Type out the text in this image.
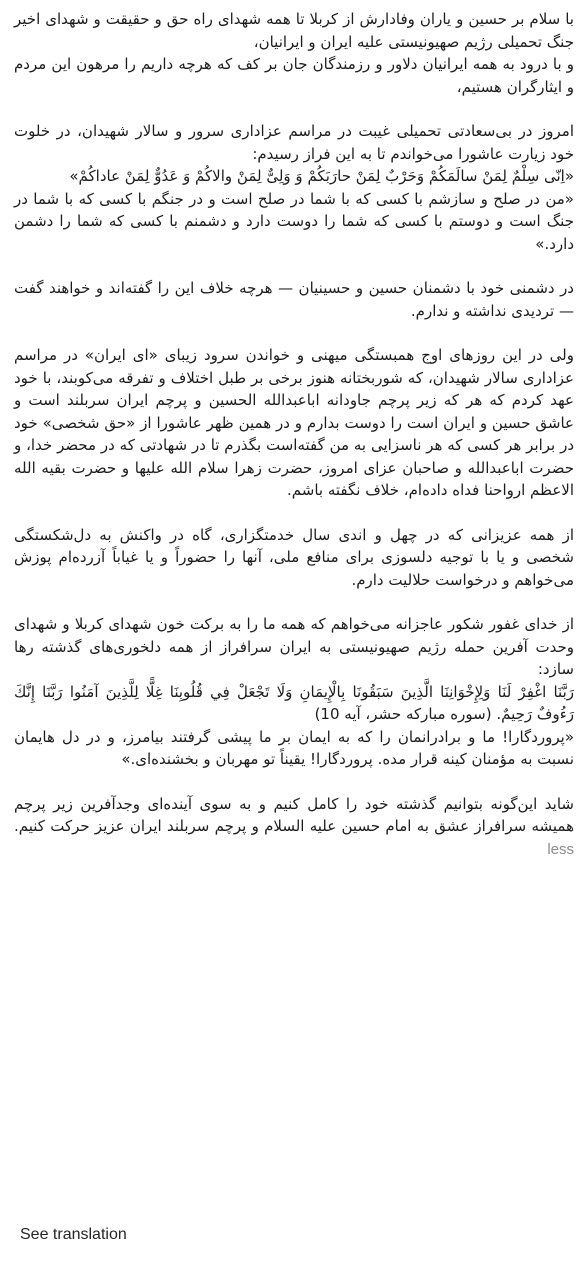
با سلام بر حسین و یاران وفادارش از کربلا تا همه شهدای راه حق و حقیقت و شهدای اخیر جنگ تحمیلی رژیم صهیونیستی علیه ایران و ایرانیان،
و با درود به همه ایرانیان دلاور و رزمندگان جان بر کف که هرچه داریم را مرهون این مردم و ایثارگران هستیم،

امروز در بی‌سعادتی تحمیلی غیبت در مراسم عزاداری سرور و سالار شهیدان، در خلوت خود زیارت عاشورا می‌خواندم تا به این فراز رسیدم:
«اِنّی سِلْمٌ لِمَنْ سالَمَکُمْ وَحَرْبٌ لِمَنْ حارَبَکُمْ وَ وَلِیٌّ لِمَنْ والاکُمْ وَ عَدُوٌّ لِمَنْ عاداکُمْ»
«من در صلح و سازشم با کسی که با شما در صلح است و در جنگم با کسی که با شما در جنگ است و دوستم با کسی که شما را دوست دارد و دشمنم با کسی که شما را دشمن دارد.»

در دشمنی خود با دشمنان حسین و حسینیان — هرچه خلاف این را گفته‌اند و خواهند گفت — تردیدی نداشته و ندارم.

ولی در این روزهای اوج همبستگی میهنی و خواندن سرود زیبای «ای ایران» در مراسم عزاداری سالار شهیدان، که شوربختانه هنوز برخی بر طبل اختلاف و تفرقه می‌کوبند، با خود عهد کردم که هر که زیر پرچم جاودانه اباعبدالله الحسین و پرچم ایران سربلند است و عاشق حسین و ایران است را دوست بدارم و در همین ظهر عاشورا از «حق شخصی» خود در برابر هر کسی که هر ناسزایی به من گفته‌است بگذرم تا در شهادتی که در محضر خدا، و حضرت اباعبدالله و صاحبان عزای امروز، حضرت زهرا سلام الله علیها و حضرت بقیه الله الاعظم ارواحنا فداه داده‌ام، خلاف نگفته باشم.

از همه عزیزانی که در چهل و اندی سال خدمتگزاری، گاه در واکنش به دل‌شکستگی شخصی و یا با توجیه دلسوزی برای منافع ملی، آنها را حضوراً و یا غیاباً آزرده‌ام پوزش می‌خواهم و درخواست حلالیت دارم.

از خدای غفور شکور عاجزانه می‌خواهم که همه ما را به برکت خون شهدای کربلا و شهدای وحدت آفرین حمله رژیم صهیونیستی به ایران سرافراز از همه دلخوری‌های گذشته رها سازد:
رَبَّنَا اغْفِرْ لَنَا وَلِإِخْوَانِنَا الَّذِينَ سَبَقُونَا بِالْإِيمَانِ وَلَا تَجْعَلْ فِي قُلُوبِنَا غِلًّا لِلَّذِينَ آمَنُوا رَبَّنَا إِنَّكَ رَءُوفٌ رَحِيمٌ. (سوره مبارکه حشر، آیه 10)
«پروردگارا! ما و برادرانمان را که به ایمان بر ما پیشی گرفتند بیامرز، و در دل هایمان نسبت به مؤمنان کینه قرار مده. پروردگارا! یقیناً تو مهربان و بخشنده‌ای.»

شاید این‌گونه بتوانیم گذشته خود را کامل کنیم و به سوی آینده‌ای وجدآفرین زیر پرچم همیشه سرافراز عشق به امام حسین علیه السلام و پرچم سربلند ایران عزیز حرکت کنیم. less

See translation
